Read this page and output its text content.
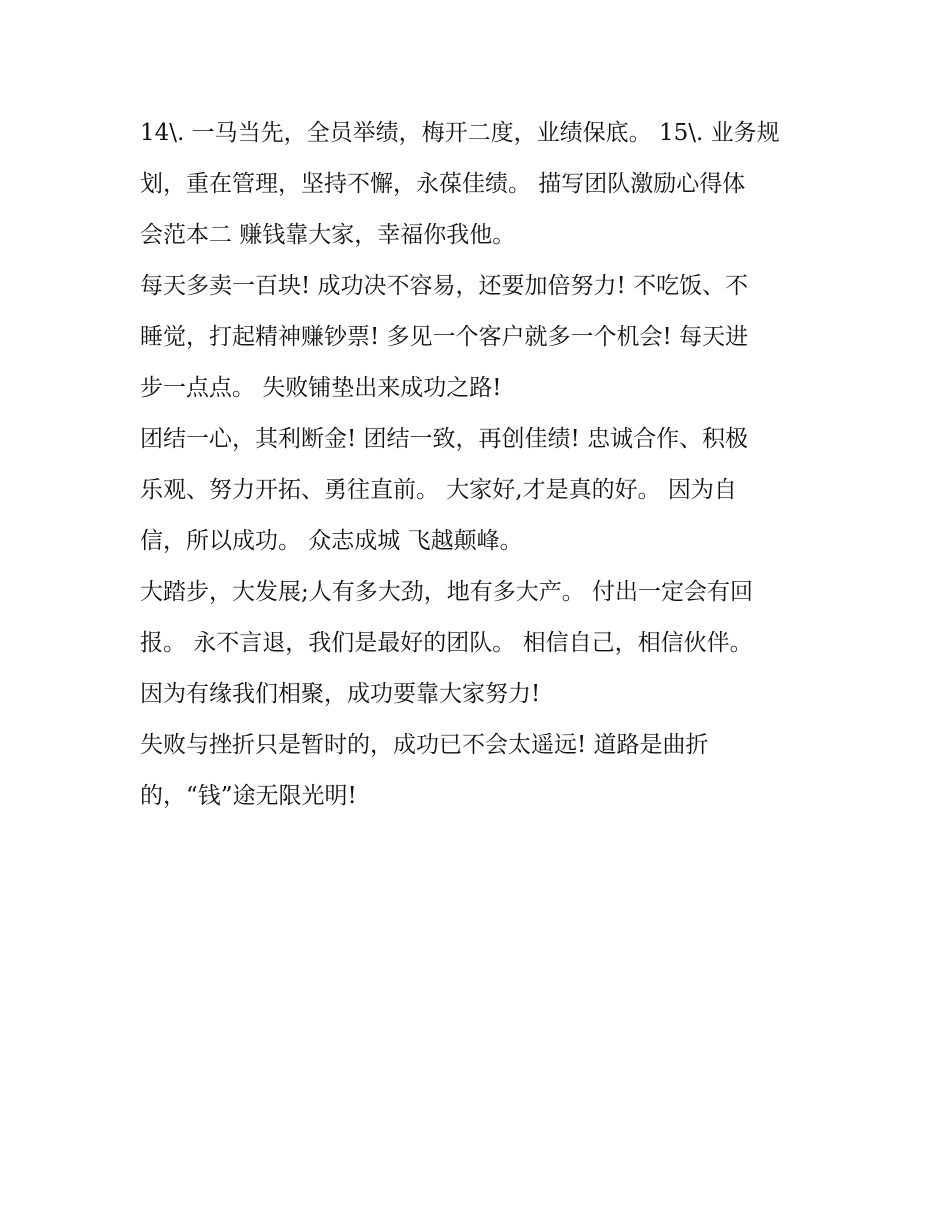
14\. 一马当先，全员举绩，梅开二度，业绩保底。 15\. 业务规

划，重在管理，坚持不懈，永葆佳绩。 描写团队激励心得体

会范本二 赚钱靠大家，幸福你我他。

每天多卖一百块! 成功决不容易，还要加倍努力! 不吃饭、不

睡觉，打起精神赚钞票! 多见一个客户就多一个机会! 每天进

步一点点。 失败铺垫出来成功之路!

团结一心，其利断金! 团结一致，再创佳绩! 忠诚合作、积极

乐观、努力开拓、勇往直前。 大家好,才是真的好。 因为自

信，所以成功。 众志成城 飞越颠峰。

大踏步，大发展;人有多大劲，地有多大产。 付出一定会有回

报。 永不言退，我们是最好的团队。 相信自己，相信伙伴。

因为有缘我们相聚，成功要靠大家努力!

失败与挫折只是暂时的，成功已不会太遥远! 道路是曲折

的，“钱”途无限光明!
